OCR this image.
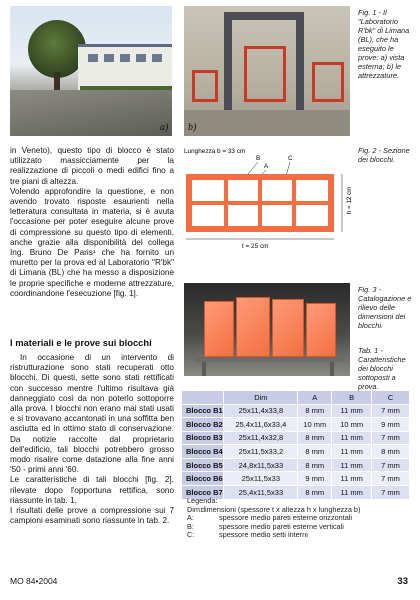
a) b)
Fig. 1 - Il "Laboratorio R'bk" di Limana (BL), che ha eseguito le prove: a) vista esterna; b) le attrezzature.
Lunghezza b = 33 cm
B
A
C
h = 12 cm
t = 25 cm
Fig. 2 - Sezione dei blocchi.
Fig. 3 - Catalogazione e rilievo delle dimensioni dei blocchi.
Tab. 1 - Caratteristiche dei blocchi sottoposti a prova.

in Veneto), questo tipo di blocco è stato utilizzato massicciamente per la realizzazione di piccoli o medi edifici fino a tre piani di altezza.

Volendo approfondire la questione, e non avendo trovato risposte esaurienti nella letteratura consultata in materia, si è avuta l'occasione per poter eseguire alcune prove di compressione su questo tipo di elementi, anche grazie alla disponibilità del collega Ing. Bruno De Paris¹ che ha fornito un muretto per la prova ed al Laboratorio "R'bk" di Limana (BL) che ha messo a disposizione le proprie specifiche e moderne attrezzature, coordinandone l'esecuzione [fig. 1].

I materiali e le prove sui blocchi

In occasione di un intervento di ristrutturazione sono stati recuperati otto blocchi. Di questi, sette sono stati rettificati con successo mentre l'ultimo risultava già danneggiato così da non poterlo sottoporre alla prova. I blocchi non erano mai stati usati e si trovavano accantonati in una soffitta ben asciutta ed in ottimo stato di conservazione. Da notizie raccolte dal proprietario dell'edificio, tali blocchi potrebbero grosso modo risalire come datazione alla fine anni '50 - primi anni '60.

Le caratteristiche di tali blocchi [fig. 2], rilevate dopo l'opportuna rettifica, sono riassunte in tab. 1.

I risultati delle prove a compressione sui 7 campioni esaminati sono riassunte in tab. 2.

	Dim	A	B	C
Blocco B1	25x11,4x33,8	8 mm	11 mm	7 mm
Blocco B2	25,4x11,6x33,4	10 mm	10 mm	9 mm
Blocco B3	25x11,4x32,8	8 mm	11 mm	7 mm
Blocco B4	25x11,5x33,2	8 mm	11 mm	8 mm
Blocco B5	24,8x11,5x33	8 mm	11 mm	7 mm
Blocco B6	25x11,5x33	9 mm	11 mm	7 mm
Blocco B7	25,4x11,5x33	8 mm	11 mm	7 mm
Legenda:
Dim: dimensioni (spessore t x altezza h x lunghezza b)
A:	spessore medio pareti esterne orizzontali
B:	spessore medio pareti esterne verticali
C:	spessore medio setti interni
MO 84•2004	33
